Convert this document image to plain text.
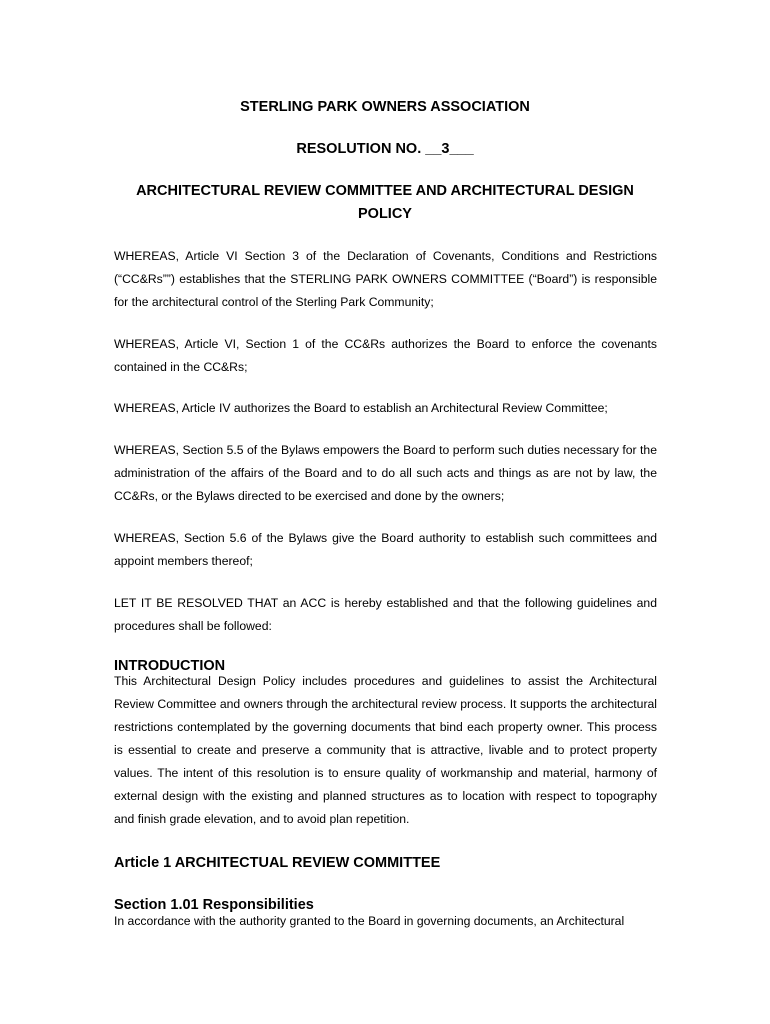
STERLING PARK OWNERS ASSOCIATION
RESOLUTION NO. __3___
ARCHITECTURAL REVIEW COMMITTEE AND ARCHITECTURAL DESIGN POLICY
WHEREAS, Article VI Section 3 of the Declaration of Covenants, Conditions and Restrictions (“CC&Rs””) establishes that the STERLING PARK OWNERS COMMITTEE (“Board”) is responsible for the architectural control of the Sterling Park Community;
WHEREAS, Article VI, Section 1 of the CC&Rs authorizes the Board to enforce the covenants contained in the CC&Rs;
WHEREAS, Article IV authorizes the Board to establish an Architectural Review Committee;
WHEREAS, Section 5.5 of the Bylaws empowers the Board to perform such duties necessary for the administration of the affairs of the Board and to do all such acts and things as are not by law, the CC&Rs, or the Bylaws directed to be exercised and done by the owners;
WHEREAS, Section 5.6 of the Bylaws give the Board authority to establish such committees and appoint members thereof;
LET IT BE RESOLVED THAT an ACC is hereby established and that the following guidelines and procedures shall be followed:
INTRODUCTION
This Architectural Design Policy includes procedures and guidelines to assist the Architectural Review Committee and owners through the architectural review process. It supports the architectural restrictions contemplated by the governing documents that bind each property owner. This process is essential to create and preserve a community that is attractive, livable and to protect property values. The intent of this resolution is to ensure quality of workmanship and material, harmony of external design with the existing and planned structures as to location with respect to topography and finish grade elevation, and to avoid plan repetition.
Article 1 ARCHITECTUAL REVIEW COMMITTEE
Section 1.01 Responsibilities
In accordance with the authority granted to the Board in governing documents, an Architectural
